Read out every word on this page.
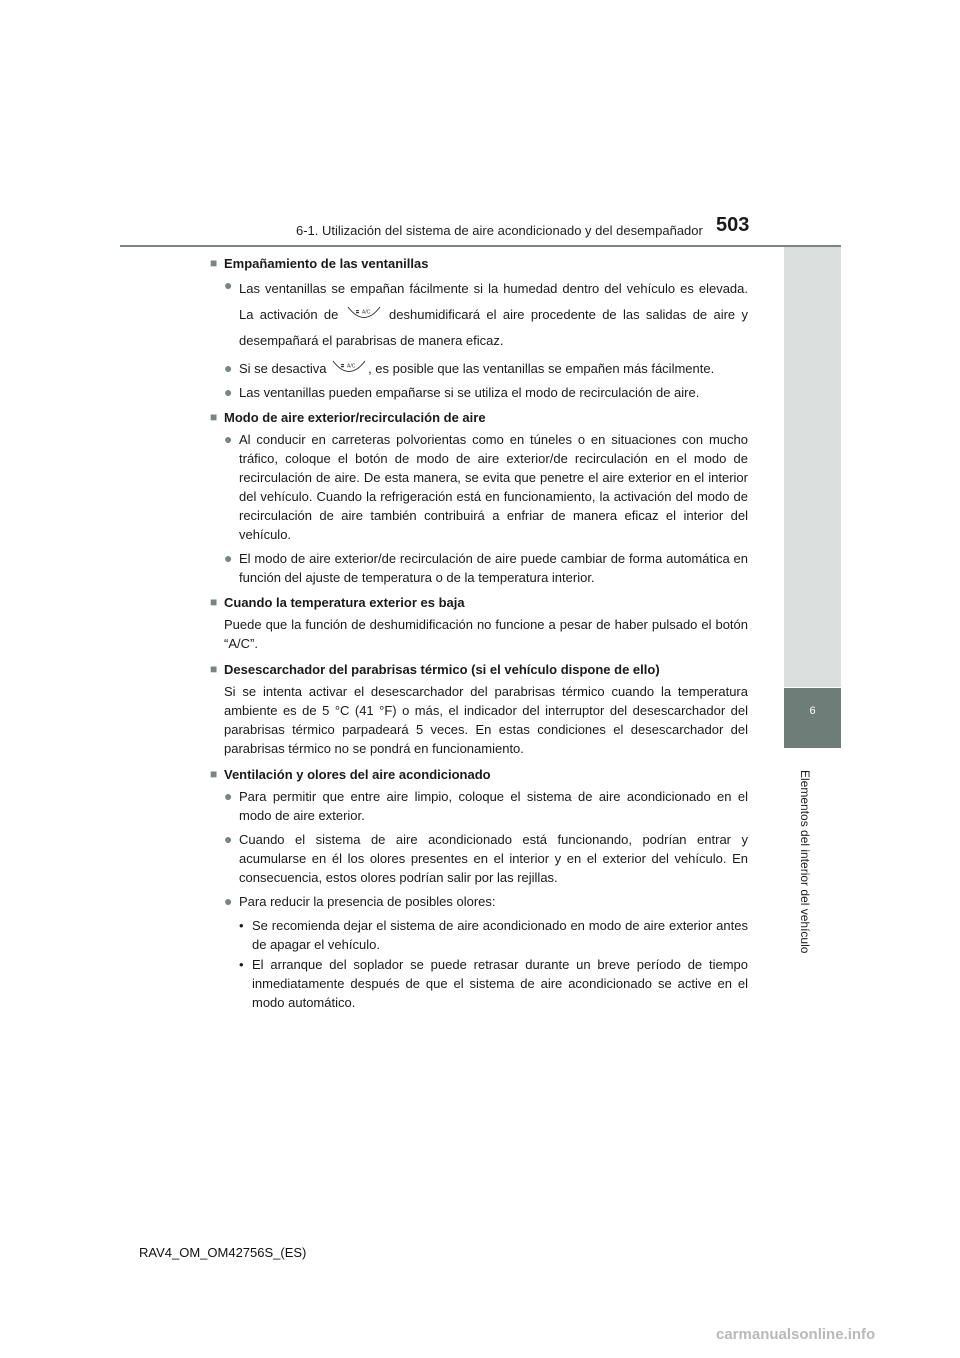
6-1. Utilización del sistema de aire acondicionado y del desempañador 503
6
Elementos del interior del vehículo
■ Empañamiento de las ventanillas
● Las ventanillas se empañan fácilmente si la humedad dentro del vehículo es elevada. La activación de	A/C deshumidificará el aire procedente de las salidas de aire y desempañará el parabrisas de manera eficaz.
● Si se desactiva	A/C , es posible que las ventanillas se empañen más fácilmente.
● Las ventanillas pueden empañarse si se utiliza el modo de recirculación de aire.
■ Modo de aire exterior/recirculación de aire
● Al conducir en carreteras polvorientas como en túneles o en situaciones con mucho tráfico, coloque el botón de modo de aire exterior/de recirculación en el modo de recirculación de aire. De esta manera, se evita que penetre el aire exterior en el interior del vehículo. Cuando la refrigeración está en funcionamiento, la activación del modo de recirculación de aire también contribuirá a enfriar de manera eficaz el interior del vehículo.
● El modo de aire exterior/de recirculación de aire puede cambiar de forma automática en función del ajuste de temperatura o de la temperatura interior.
■ Cuando la temperatura exterior es baja
Puede que la función de deshumidificación no funcione a pesar de haber pulsado el botón “A/C”.
■ Desescarchador del parabrisas térmico (si el vehículo dispone de ello)
Si se intenta activar el desescarchador del parabrisas térmico cuando la temperatura ambiente es de 5 °C (41 °F) o más, el indicador del interruptor del desescarchador del parabrisas térmico parpadeará 5 veces. En estas condiciones el desescarchador del parabrisas térmico no se pondrá en funcionamiento.
■ Ventilación y olores del aire acondicionado
● Para permitir que entre aire limpio, coloque el sistema de aire acondicionado en el modo de aire exterior.
● Cuando el sistema de aire acondicionado está funcionando, podrían entrar y acumularse en él los olores presentes en el interior y en el exterior del vehículo. En consecuencia, estos olores podrían salir por las rejillas.
● Para reducir la presencia de posibles olores:
• Se recomienda dejar el sistema de aire acondicionado en modo de aire exterior antes de apagar el vehículo.
• El arranque del soplador se puede retrasar durante un breve período de tiempo inmediatamente después de que el sistema de aire acondicionado se active en el modo automático.
RAV4_OM_OM42756S_(ES)
carmanualsonline.info
